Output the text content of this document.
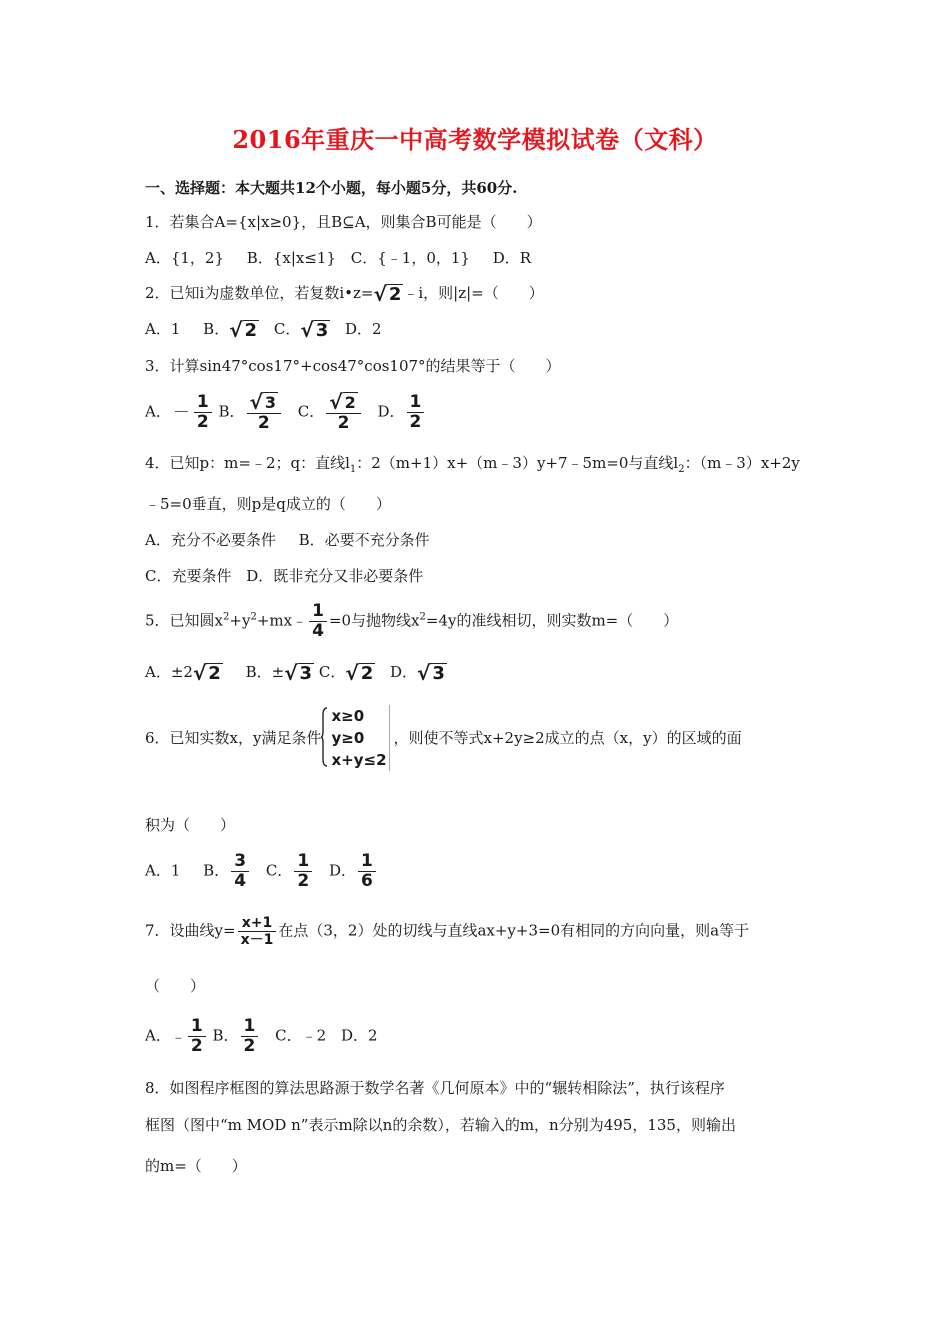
2016年重庆一中高考数学模拟试卷（文科）
一、选择题：本大题共12个小题，每小题5分，共60分.
1．若集合A={x|x≥0}，且B⊆A，则集合B可能是（　　）
A．{1，2} B．{x|x≤1} C．{﹣1，0，1} D．R
2．已知i为虚数单位，若复数i•z=√ 2 ﹣i，则|z|=（　　）
A．1 B．√ 2 C．√ 3 D．2
3．计算sin47°cos17°+cos47°cos107°的结果等于（　　）
A． － $\frac{1}{2}$ B． $\frac{√ 3}{2}$ C． $\frac{√ 2}{2}$ D． $\frac{1}{2}$
4．已知p：m=﹣2；q：直线$l_1$：2（m+1）x+（m﹣3）y+7﹣5m=0与直线$l_2$：（m﹣3）x+2y
﹣5=0垂直，则p是q成立的（　　）
A．充分不必要条件 B．必要不充分条件
C．充要条件 D．既非充分又非必要条件
5．已知圆$x^2+y^2+mx﹣ \frac{1}{4} =0$与抛物线$x^2=4y$的准线相切，则实数m=（　　）
A．±2√ 2 B．±√ 3 C．√ 2 D．√ 3
6．已知实数x，y满足条件
x≥0
y≥0
x+y≤2
，则使不等式x+2y≥2成立的点（x，y）的区域的面
积为（　　）
A．1 B． $\frac{3}{4}$ C． $\frac{1}{2}$ D． $\frac{1}{6}$
7．设曲线$y= \frac{x+1}{x-1}$ 在点（3，2）处的切线与直线ax+y+3=0有相同的方向向量，则a等于
（　　）
A．﹣ $\frac{1}{2}$ B． $\frac{1}{2}$ C．﹣2 D．2
8．如图程序框图的算法思路源于数学名著《几何原本》中的“辗转相除法”，执行该程序
框图（图中“m MOD n”表示m除以n的余数），若输入的m，n分别为495，135，则输出
的m=（　　）
